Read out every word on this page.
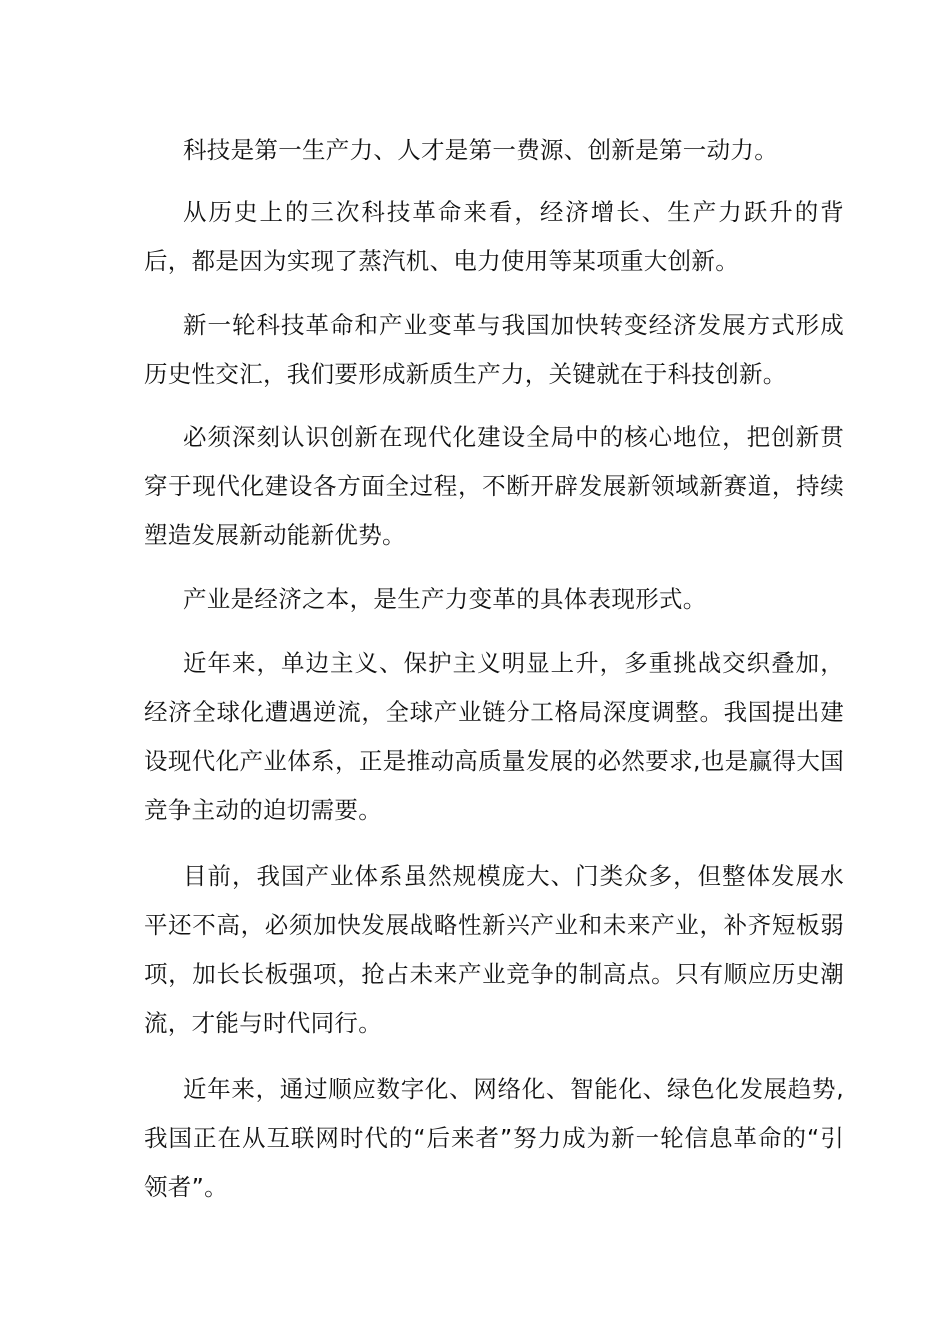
科技是第一生产力、人才是第一费源、创新是第一动力。

从历史上的三次科技革命来看，经济增长、生产力跃升的背后，都是因为实现了蒸汽机、电力使用等某项重大创新。

新一轮科技革命和产业变革与我国加快转变经济发展方式形成历史性交汇，我们要形成新质生产力，关键就在于科技创新。

必须深刻认识创新在现代化建设全局中的核心地位，把创新贯穿于现代化建设各方面全过程，不断开辟发展新领域新赛道，持续塑造发展新动能新优势。

产业是经济之本，是生产力变革的具体表现形式。

近年来，单边主义、保护主义明显上升，多重挑战交织叠加，经济全球化遭遇逆流，全球产业链分工格局深度调整。我国提出建设现代化产业体系，正是推动高质量发展的必然要求,也是赢得大国竞争主动的迫切需要。

目前，我国产业体系虽然规模庞大、门类众多，但整体发展水平还不高，必须加快发展战略性新兴产业和未来产业，补齐短板弱项，加长长板强项，抢占未来产业竞争的制高点。只有顺应历史潮流，才能与时代同行。

近年来，通过顺应数字化、网络化、智能化、绿色化发展趋势,我国正在从互联网时代的“后来者”努力成为新一轮信息革命的“引领者”。
